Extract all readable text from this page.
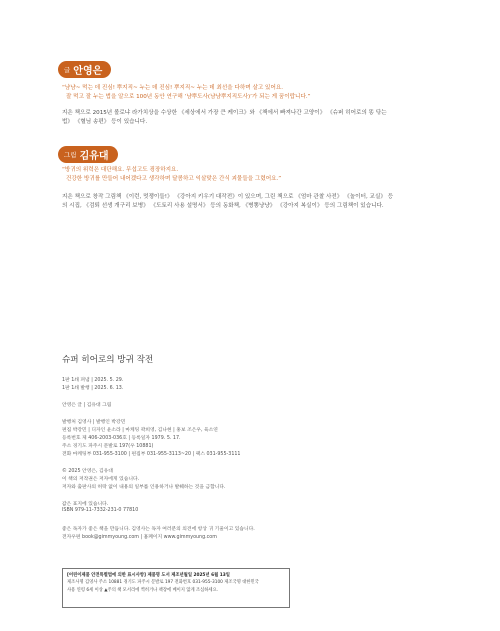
글 안영은
“냠냠~ 먹는 데 진심! 뿌지직~ 누는 데 진심! 뿌지직~ 누는 데 최선을 다하며 살고 있어요.
잘 먹고 잘 누는 법을 알으로 100년 동안 연구해 ‘냠뿌도사(냠냠뿌지직도사)’가 되는 게 꿈이랍니다.”
지은 책으로 2015년 볼로냐 라가치상을 수상한 《세상에서 가장 큰 케이크》와 《책에서 빠져나간 고양이》 《슈퍼 히어로의 똥 닦는
법》 《혈님 송편》 등이 있습니다.
그림 김유대
“방귀의 위력은 대단해요. 무섭고도 굉장하지요.
건강한 방귀를 만들어 내어겠다고 생각하며 달콤하고 익살맞은 간식 괴물들을 그렸어요.”
지은 책으로 창작 그림책 《이런, 멋쟁이들!》 《강아지 키우기 대작전》이 있으며, 그린 책으로 《엄마 관찰 사전》 《놀이터, 교실》 등
의 시집, 《검퇴 선생 개구리 보병》 《도토리 사용 설명서》 등의 동화책, 《병뽕냥냥》 《강아지 복실이》 등의 그림책이 있습니다.
슈퍼 히어로의 방귀 작전
1판 1쇄 펴냄 | 2025. 5. 29.
1판 1쇄 발행 | 2025. 6. 13.
안영은 글 | 김유대 그림
발행처 김영사 | 발행인 박강민
편집 박강민 | 디자인 윤소라 | 마케팅 곽희영, 김나현 | 홍보 조은우, 육소연
등록번호 제 406-2003-036호 | 등록일자 1979. 5. 17.
주소 경기도 파주시 문발로 197(우 10881)
전화 마케팅부 031-955-3100 | 편집부 031-955-3113~20 | 팩스 031-955-3111
© 2025 안영은, 김유대
이 책의 저작권은 저자에게 있습니다.
저자와 출판사의 허락 없이 내용의 일부를 인용하거나 발췌하는 것을 금합니다.
값은 표지에 있습니다.
ISBN 979-11-7332-231-0 77810
좋은 독자가 좋은 책을 만듭니다. 김영사는 독자 여러분의 의견에 항상 귀 기울이고 있습니다.
전자우편 book@gimmyoung.com | 홈페이지 www.gimmyoung.com
[어린이제품 안전특별법에 의한 표시사항] 제품명 도서 제조년월일 2025년 6월 13일
제조사명 김영사 주소 10881 경기도 파주시 문발로 197 전화번호 031-955-3100 제조국명 대한민국
사용 연령 6세 이상 ▲주의 책 모서리에 찍히거나 책장에 베이지 않게 조심하세요.
